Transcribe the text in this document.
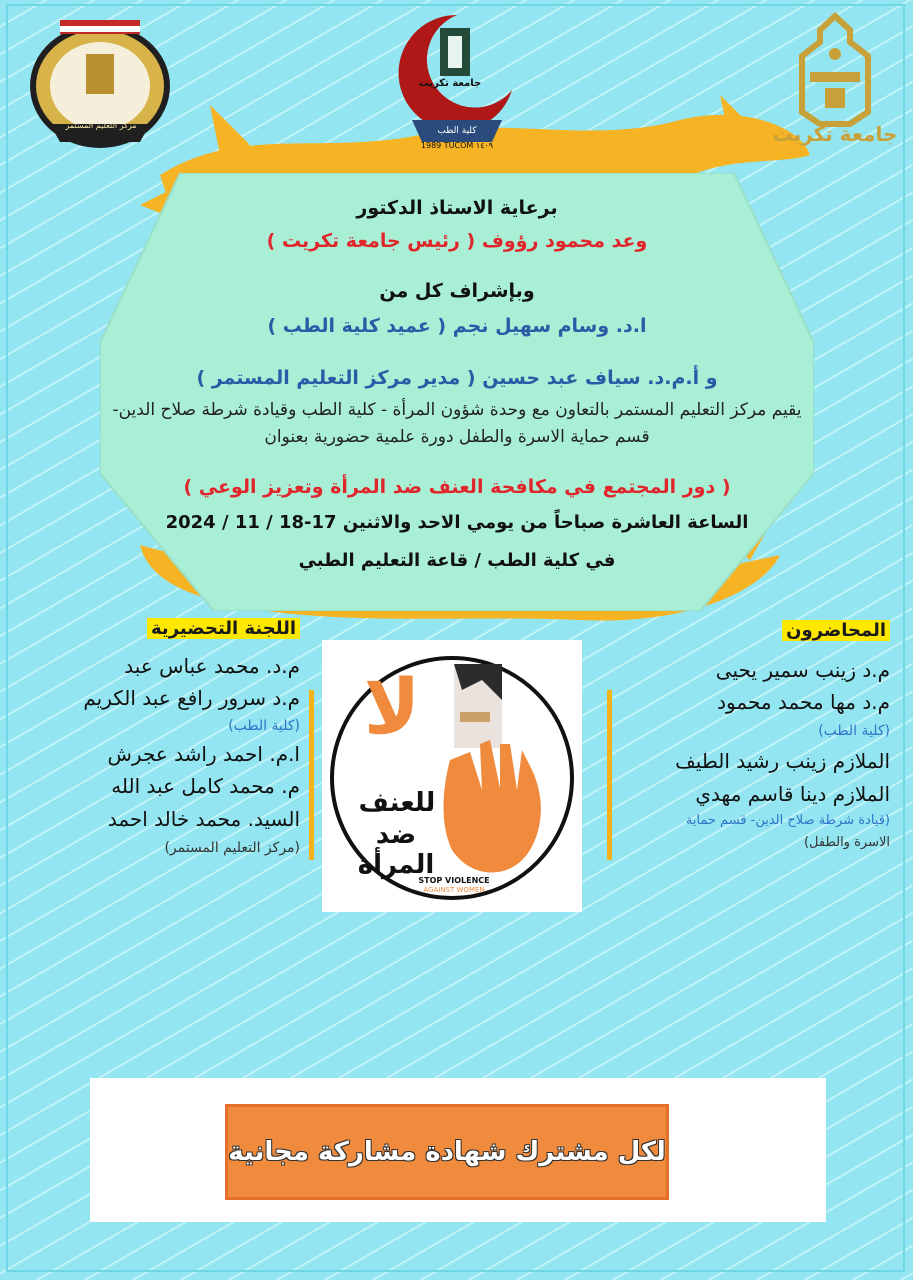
مركز التعليم المستمر
جامعة تكريت
كلية الطب
1989 TUCOM ١٤٠٩	جامعة تكريت
برعاية الاستاذ الدكتور
وعد محمود رؤوف ( رئيس جامعة تكريت )
وبإشراف كل من
ا.د. وسام سهيل نجم ( عميد كلية الطب )
و أ.م.د. سياف عبد حسين ( مدير مركز التعليم المستمر )
يقيم مركز التعليم المستمر بالتعاون مع وحدة شؤون المرأة - كلية الطب وقيادة شرطة صلاح الدين- قسم حماية الاسرة والطفل دورة علمية حضورية بعنوان
( دور المجتمع في مكافحة العنف ضد المرأة وتعزيز الوعي )
الساعة العاشرة صباحاً من يومي الاحد والاثنين 17-18 / 11 / 2024
في كلية الطب / قاعة التعليم الطبي
اللجنة التحضيرية
م.د. محمد عباس عبد
م.د سرور رافع عبد الكريم
(كلية الطب)
ا.م. احمد راشد عجرش
م. محمد كامل عبد الله
السيد. محمد خالد احمد
(مركز التعليم المستمر)
لا
للعنف
ضد المرأة
STOP VIOLENCE
AGAINST WOMEN
المحاضرون
م.د زينب سمير يحيى
م.د مها محمد محمود
(كلية الطب)
الملازم زينب رشيد الطيف
الملازم دينا قاسم مهدي
(قيادة شرطة صلاح الدين- قسم حماية
الاسرة والطفل)
لكل مشترك شهادة مشاركة مجانية
